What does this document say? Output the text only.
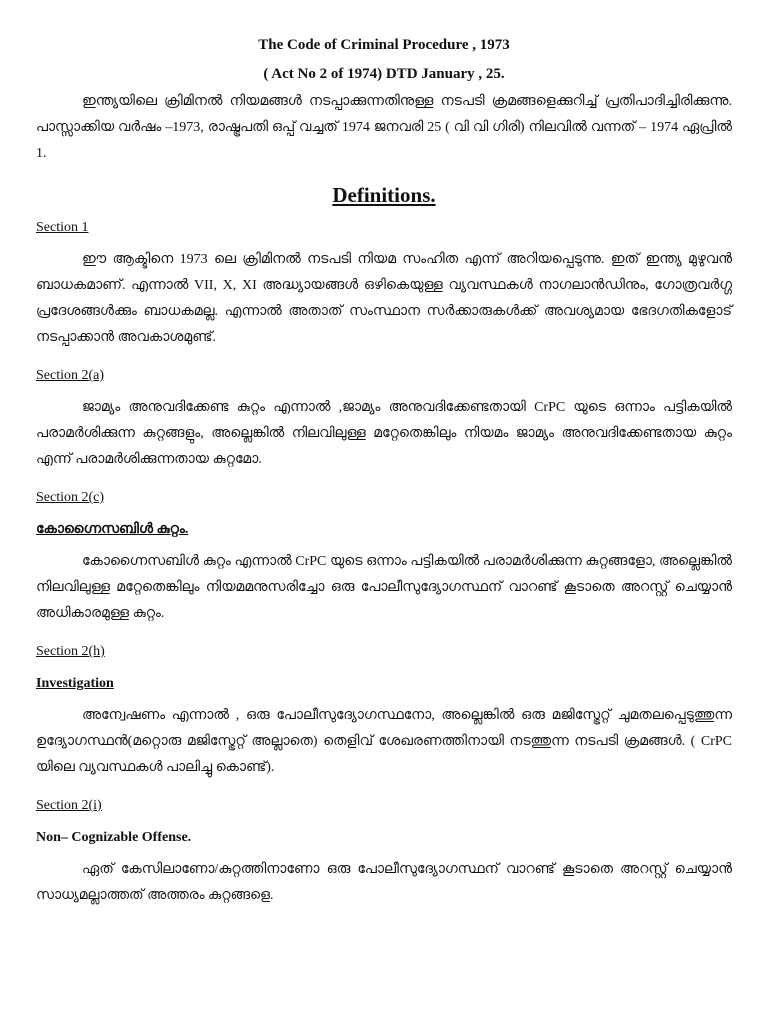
The Code of Criminal Procedure , 1973
( Act No 2 of 1974) DTD January , 25.

ഇന്ത്യയിലെ ക്രിമിനൽ നിയമങ്ങൾ നടപ്പാക്കുന്നതിനുള്ള നടപടി ക്രമങ്ങളെക്കുറിച്ച് പ്രതിപാദിച്ചിരിക്കുന്നു. പാസ്സാക്കിയ വർഷം –1973, രാഷ്ട്രപതി ഒപ്പ് വച്ചത് 1974 ജനവരി 25 ( വി വി ഗിരി) നിലവിൽ വന്നത് – 1974 ഏപ്രിൽ 1.

Definitions.
Section 1

ഈ ആക്ടിനെ 1973 ലെ ക്രിമിനൽ നടപടി നിയമ സംഹിത എന്ന് അറിയപ്പെടുന്നു. ഇത് ഇന്ത്യ മുഴുവൻ ബാധകമാണ്. എന്നാൽ VII, X, XI അദ്ധ്യായങ്ങൾ ഒഴികെയുള്ള വ്യവസ്ഥകൾ നാഗലാൻഡിനും, ഗോത്രവർഗ്ഗ പ്രദേശങ്ങൾക്കും ബാധകമല്ല. എന്നാൽ അതാത് സംസ്ഥാന സർക്കാരുകൾക്ക് അവശ്യമായ ഭേദഗതികളോട് നടപ്പാക്കാൻ അവകാശമുണ്ട്.

Section 2(a)

ജാമ്യം അനുവദിക്കേണ്ട കുറ്റം എന്നാൽ ,ജാമ്യം അനുവദിക്കേണ്ടതായി CrPC യുടെ ഒന്നാം പട്ടികയിൽ പരാമർശിക്കുന്ന കുറ്റങ്ങളും, അല്ലെങ്കിൽ നിലവിലുള്ള മറ്റേതെങ്കിലും നിയമം ജാമ്യം അനുവദിക്കേണ്ടതായ കുറ്റം എന്ന് പരാമർശിക്കുന്നതായ കുറ്റമോ.

Section 2(c)
കോഗ്നൈസബിൾ കുറ്റം.

കോഗ്നൈസബിൾ കുറ്റം എന്നാൽ CrPC യുടെ ഒന്നാം പട്ടികയിൽ പരാമർശിക്കുന്ന കുറ്റങ്ങളോ, അല്ലെങ്കിൽ നിലവിലുള്ള മറ്റേതെങ്കിലും നിയമമനുസരിച്ചോ ഒരു പോലീസുദ്യോഗസ്ഥന് വാറണ്ട് കൂടാതെ അറസ്റ്റ് ചെയ്യാൻ അധികാരമുള്ള കുറ്റം.

Section 2(h)
Investigation

അന്വേഷണം എന്നാൽ , ഒരു പോലീസുദ്യോഗസ്ഥനോ, അല്ലെങ്കിൽ ഒരു മജിസ്ട്രേറ്റ് ചുമതലപ്പെടുത്തുന്ന ഉദ്യോഗസ്ഥൻ(മറ്റൊരു മജിസ്ട്രേറ്റ് അല്ലാതെ) തെളിവ് ശേഖരണത്തിനായി നടത്തുന്ന നടപടി ക്രമങ്ങൾ. ( CrPC യിലെ വ്യവസ്ഥകൾ പാലിച്ചു കൊണ്ട്).

Section 2(i)
Non– Cognizable Offense.

ഏത് കേസിലാണോ/കുറ്റത്തിനാണോ ഒരു പോലീസുദ്യോഗസ്ഥന് വാറണ്ട് കൂടാതെ അറസ്റ്റ് ചെയ്യാൻ സാധ്യമല്ലാത്തത് അത്തരം കുറ്റങ്ങളെ.
